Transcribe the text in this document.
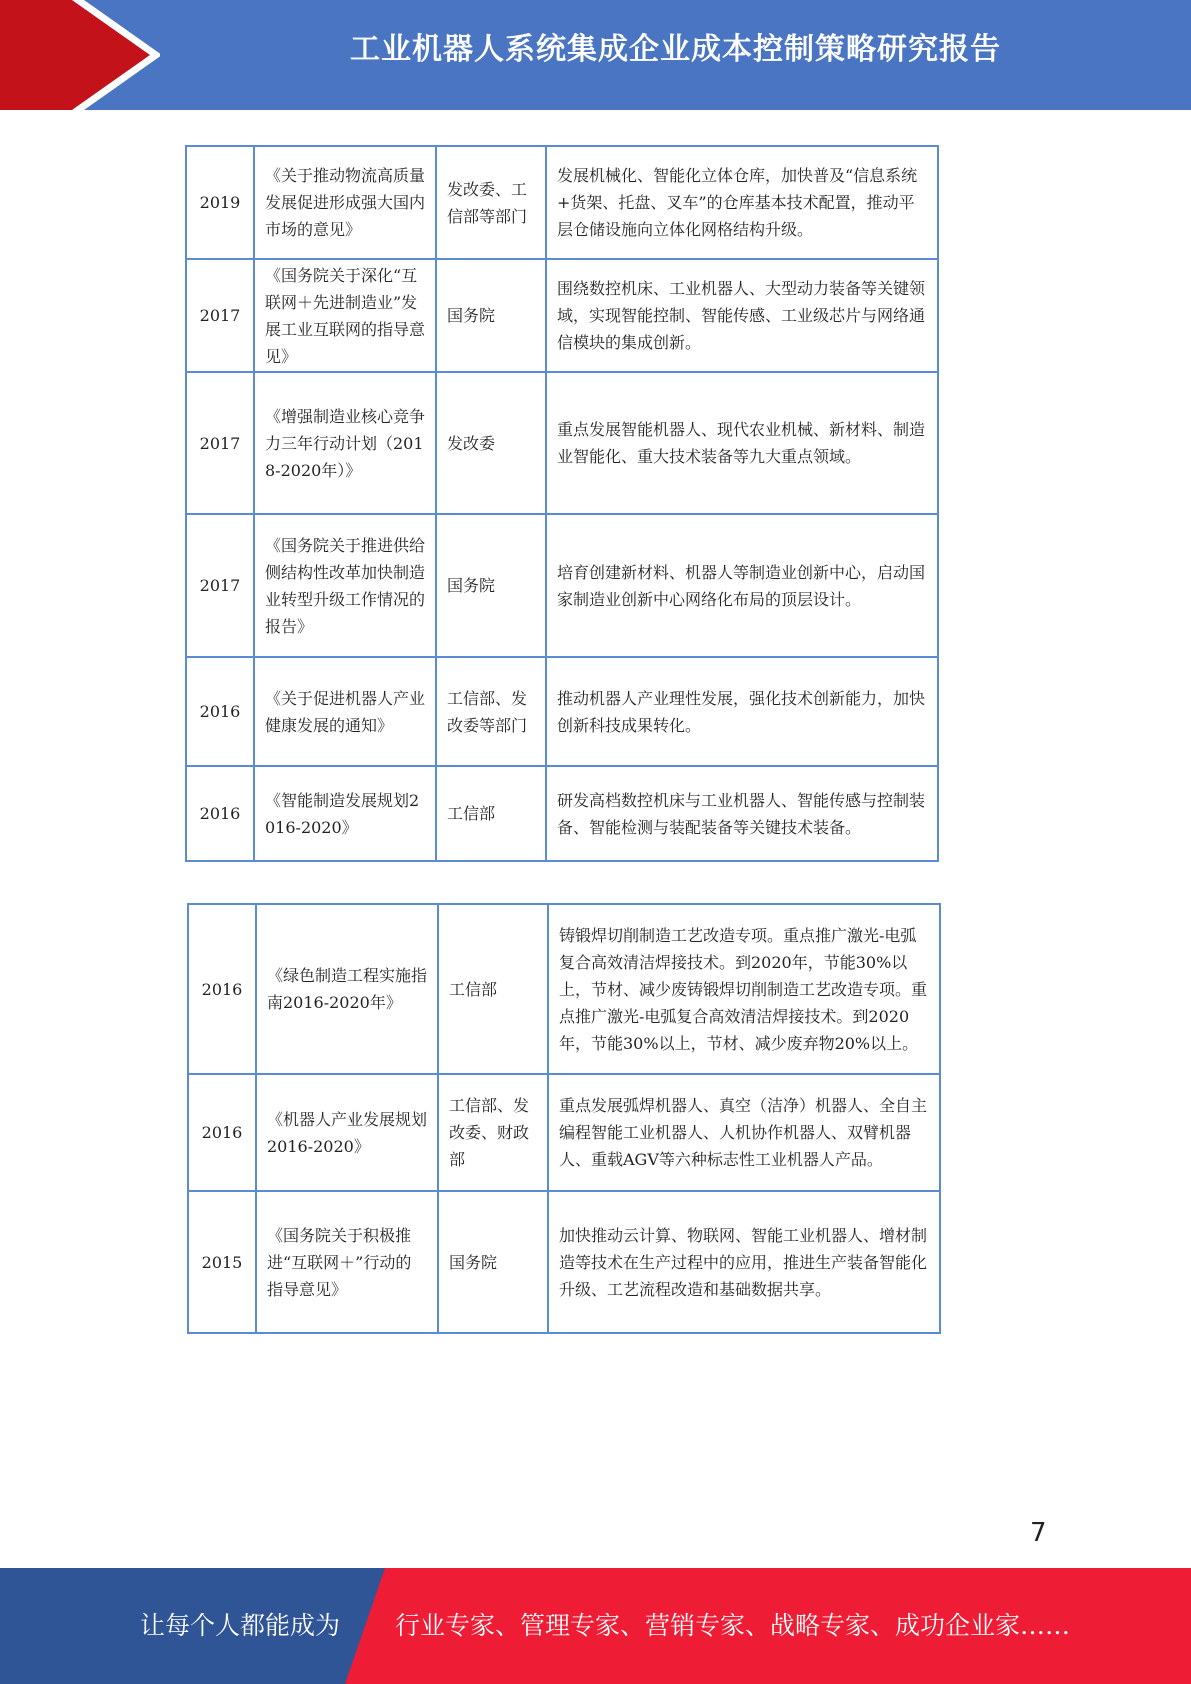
工业机器人系统集成企业成本控制策略研究报告
2019	《关于推动物流高质量发展促进形成强大国内市场的意见》	发改委、工信部等部门	发展机械化、智能化立体仓库，加快普及“信息系统+货架、托盘、叉车”的仓库基本技术配置，推动平层仓储设施向立体化网格结构升级。
2017	《国务院关于深化“互联网＋先进制造业”发展工业互联网的指导意见》	国务院	围绕数控机床、工业机器人、大型动力装备等关键领域，实现智能控制、智能传感、工业级芯片与网络通信模块的集成创新。
2017	《增强制造业核心竞争力三年行动计划（2018-2020年）》	发改委	重点发展智能机器人、现代农业机械、新材料、制造业智能化、重大技术装备等九大重点领域。
2017	《国务院关于推进供给侧结构性改革加快制造业转型升级工作情况的报告》	国务院	培育创建新材料、机器人等制造业创新中心，启动国家制造业创新中心网络化布局的顶层设计。
2016	《关于促进机器人产业健康发展的通知》	工信部、发改委等部门	推动机器人产业理性发展，强化技术创新能力，加快创新科技成果转化。
2016	《智能制造发展规划2016-2020》	工信部	研发高档数控机床与工业机器人、智能传感与控制装备、智能检测与装配装备等关键技术装备。
2016	《绿色制造工程实施指南2016-2020年》	工信部	铸锻焊切削制造工艺改造专项。重点推广激光-电弧复合高效清洁焊接技术。到2020年，节能30%以上，节材、减少废铸锻焊切削制造工艺改造专项。重点推广激光-电弧复合高效清洁焊接技术。到2020年，节能30%以上，节材、减少废弃物20%以上。
2016	《机器人产业发展规划2016-2020》	工信部、发改委、财政部	重点发展弧焊机器人、真空（洁净）机器人、全自主编程智能工业机器人、人机协作机器人、双臂机器人、重载AGV等六种标志性工业机器人产品。
2015	《国务院关于积极推进“互联网＋”行动的指导意见》	国务院	加快推动云计算、物联网、智能工业机器人、增材制造等技术在生产过程中的应用，推进生产装备智能化升级、工艺流程改造和基础数据共享。
7
让每个人都能成为 行业专家、管理专家、营销专家、战略专家、成功企业家……
